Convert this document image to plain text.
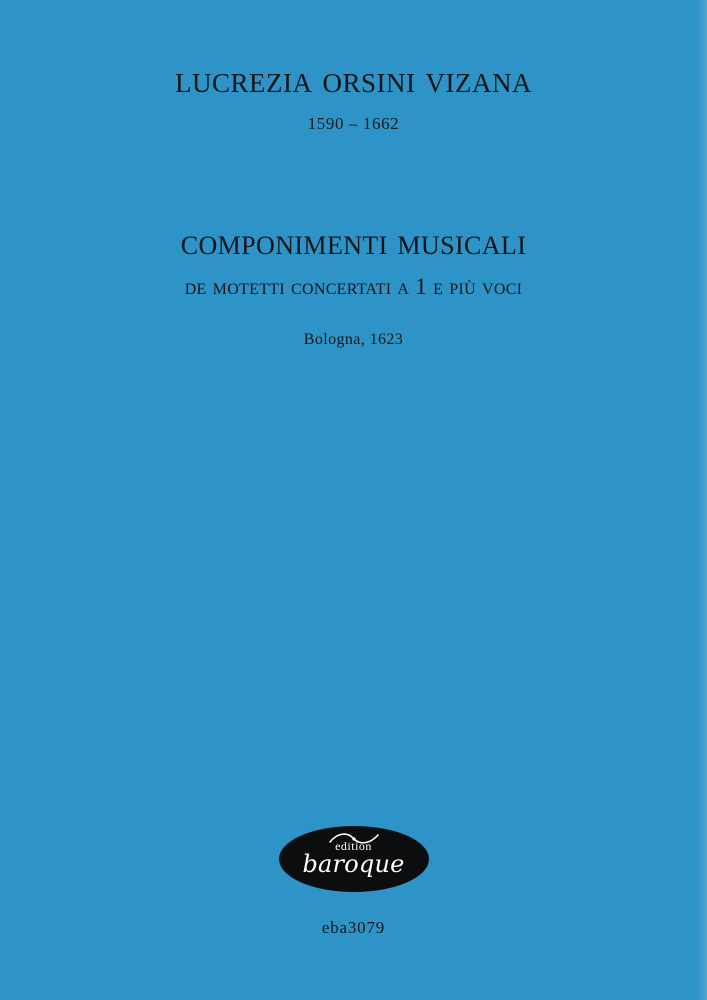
lucrezia orsini vizana
1590 – 1662
componimenti musicali
de motetti concertati a 1 e più voci
Bologna, 1623
edition
baroque
eba3079
